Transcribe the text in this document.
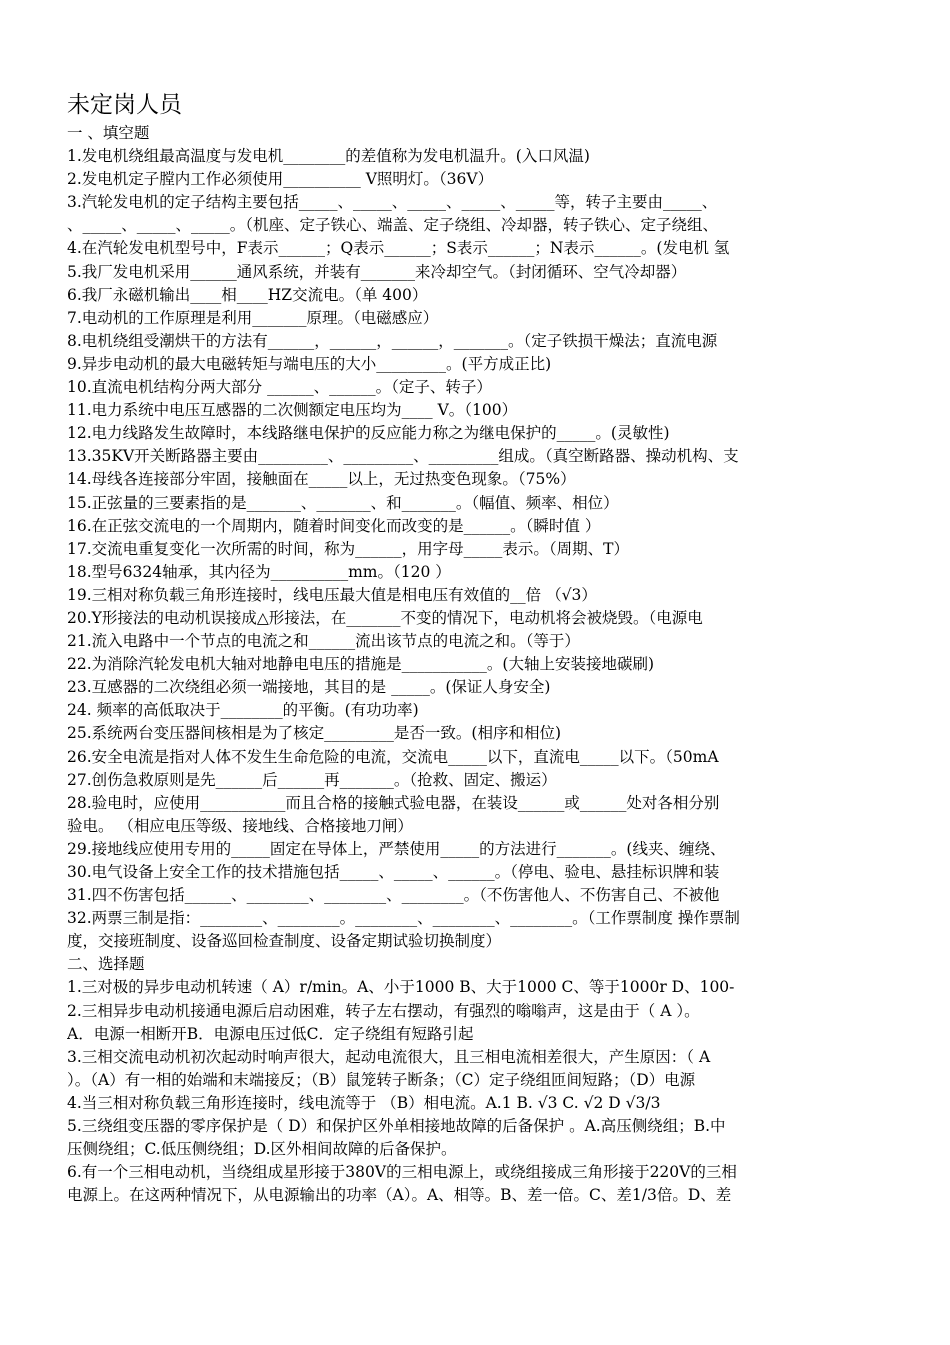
未定岗人员
一 、填空题
1.发电机绕组最高温度与发电机________的差值称为发电机温升。(入口风温)
2.发电机定子膛内工作必须使用__________ V照明灯。（36V）
3.汽轮发电机的定子结构主要包括_____、_____、_____、_____、_____等，转子主要由_____、
、_____、_____、_____。（机座、定子铁心、端盖、定子绕组、冷却器，转子铁心、定子绕组、
4.在汽轮发电机型号中，F表示______；Q表示______；S表示______；N表示______。(发电机 氢
5.我厂发电机采用______通风系统，并装有_______来冷却空气。（封闭循环、空气冷却器）
6.我厂永磁机输出____相____HZ交流电。（单 400）
7.电动机的工作原理是利用_______原理。（电磁感应）
8.电机绕组受潮烘干的方法有______，______，______，_______。（定子铁损干燥法；直流电源
9.异步电动机的最大电磁转矩与端电压的大小_________。(平方成正比)
10.直流电机结构分两大部分 ______、______。（定子、转子）
11.电力系统中电压互感器的二次侧额定电压均为____ V。（100）
12.电力线路发生故障时，本线路继电保护的反应能力称之为继电保护的_____。(灵敏性)
13.35KV开关断路器主要由_________、_________、_________组成。（真空断路器、操动机构、支
14.母线各连接部分牢固，接触面在_____以上，无过热变色现象。（75%）
15.正弦量的三要素指的是_______、_______、和_______。（幅值、频率、相位）
16.在正弦交流电的一个周期内，随着时间变化而改变的是______。（瞬时值 ）
17.交流电重复变化一次所需的时间，称为______，用字母_____表示。（周期、T）
18.型号6324轴承，其内径为__________mm。（120 ）
19.三相对称负载三角形连接时，线电压最大值是相电压有效值的__倍 （√3）
20.Y形接法的电动机误接成△形接法，在_______不变的情况下，电动机将会被烧毁。（电源电
21.流入电路中一个节点的电流之和______流出该节点的电流之和。（等于）
22.为消除汽轮发电机大轴对地静电电压的措施是___________。(大轴上安装接地碳刷)
23.互感器的二次绕组必须一端接地，其目的是 _____。(保证人身安全)
24. 频率的高低取决于________的平衡。(有功功率)
25.系统两台变压器间核相是为了核定_________是否一致。(相序和相位)
26.安全电流是指对人体不发生生命危险的电流，交流电_____以下，直流电_____以下。（50mA
27.创伤急救原则是先______后______再_______。（抢救、固定、搬运）
28.验电时，应使用___________而且合格的接触式验电器，在装设______或______处对各相分别
验电。 （相应电压等级、接地线、合格接地刀闸）
29.接地线应使用专用的_____固定在导体上，严禁使用_____的方法进行_______。(线夹、缠绕、
30.电气设备上安全工作的技术措施包括_____、_____、______。（停电、验电、悬挂标识牌和装
31.四不伤害包括______、________、________、________。（不伤害他人、不伤害自己、不被他
32.两票三制是指：________、________。________、________、________。（工作票制度 操作票制
度，交接班制度、设备巡回检查制度、设备定期试验切换制度）
二、选择题
1.三对极的异步电动机转速（ A）r/min。A、小于1000 B、大于1000 C、等于1000r D、100-
2.三相异步电动机接通电源后启动困难，转子左右摆动，有强烈的嗡嗡声，这是由于（ A ）。
A．电源一相断开B．电源电压过低C．定子绕组有短路引起
3.三相交流电动机初次起动时响声很大，起动电流很大，且三相电流相差很大，产生原因：（ A
）。（A）有一相的始端和末端接反；（B）鼠笼转子断条；（C）定子绕组匝间短路；（D）电源
4.当三相对称负载三角形连接时，线电流等于 （B）相电流。A.1 B. √3 C. √2 D √3/3
5.三绕组变压器的零序保护是（ D）和保护区外单相接地故障的后备保护 。A.高压侧绕组；B.中
压侧绕组；C.低压侧绕组；D.区外相间故障的后备保护。
6.有一个三相电动机，当绕组成星形接于380V的三相电源上，或绕组接成三角形接于220V的三相
电源上。在这两种情况下，从电源输出的功率（A）。A、相等。B、差一倍。C、差1/3倍。D、差
